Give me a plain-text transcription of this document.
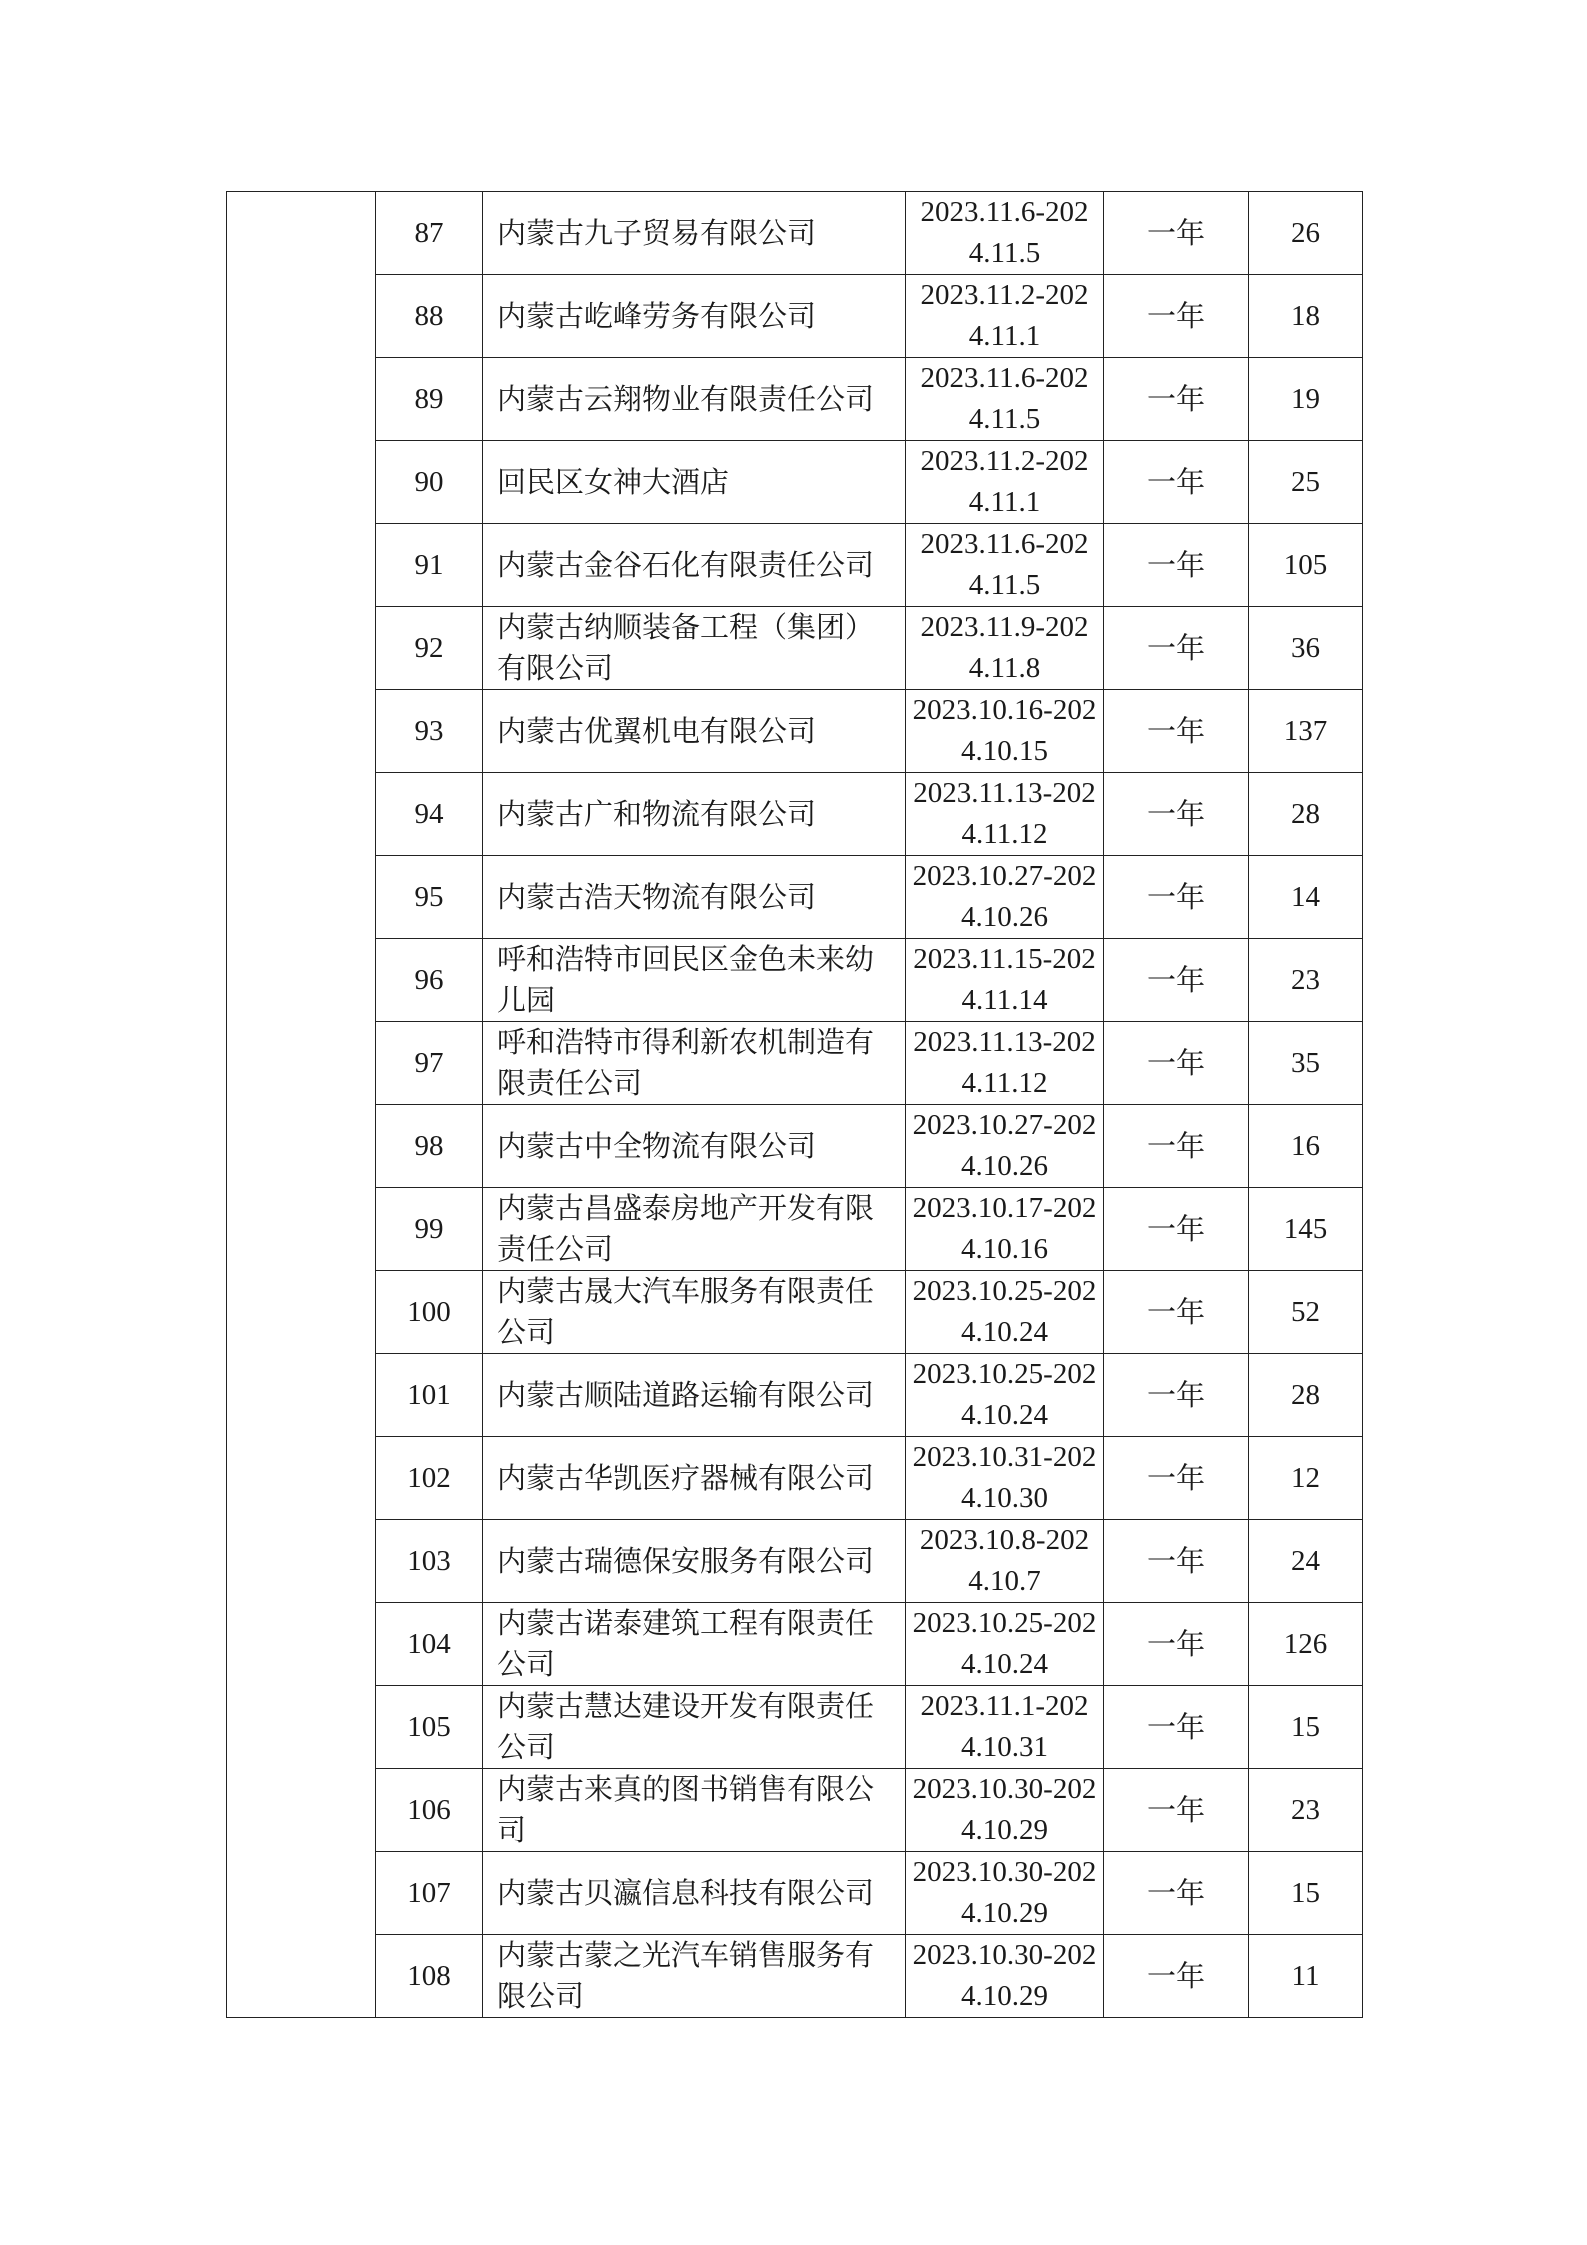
	87	内蒙古九子贸易有限公司	2023.11.6-2024.11.5	一年	26
	88	内蒙古屹峰劳务有限公司	2023.11.2-2024.11.1	一年	18
	89	内蒙古云翔物业有限责任公司	2023.11.6-2024.11.5	一年	19
	90	回民区女神大酒店	2023.11.2-2024.11.1	一年	25
	91	内蒙古金谷石化有限责任公司	2023.11.6-2024.11.5	一年	105
	92	内蒙古纳顺装备工程（集团）有限公司	2023.11.9-2024.11.8	一年	36
	93	内蒙古优翼机电有限公司	2023.10.16-2024.10.15	一年	137
	94	内蒙古广和物流有限公司	2023.11.13-2024.11.12	一年	28
	95	内蒙古浩天物流有限公司	2023.10.27-2024.10.26	一年	14
	96	呼和浩特市回民区金色未来幼儿园	2023.11.15-2024.11.14	一年	23
	97	呼和浩特市得利新农机制造有限责任公司	2023.11.13-2024.11.12	一年	35
	98	内蒙古中全物流有限公司	2023.10.27-2024.10.26	一年	16
	99	内蒙古昌盛泰房地产开发有限责任公司	2023.10.17-2024.10.16	一年	145
	100	内蒙古晟大汽车服务有限责任公司	2023.10.25-2024.10.24	一年	52
	101	内蒙古顺陆道路运输有限公司	2023.10.25-2024.10.24	一年	28
	102	内蒙古华凯医疗器械有限公司	2023.10.31-2024.10.30	一年	12
	103	内蒙古瑞德保安服务有限公司	2023.10.8-2024.10.7	一年	24
	104	内蒙古诺泰建筑工程有限责任公司	2023.10.25-2024.10.24	一年	126
	105	内蒙古慧达建设开发有限责任公司	2023.11.1-2024.10.31	一年	15
	106	内蒙古来真的图书销售有限公司	2023.10.30-2024.10.29	一年	23
	107	内蒙古贝瀛信息科技有限公司	2023.10.30-2024.10.29	一年	15
	108	内蒙古蒙之光汽车销售服务有限公司	2023.10.30-2024.10.29	一年	11
